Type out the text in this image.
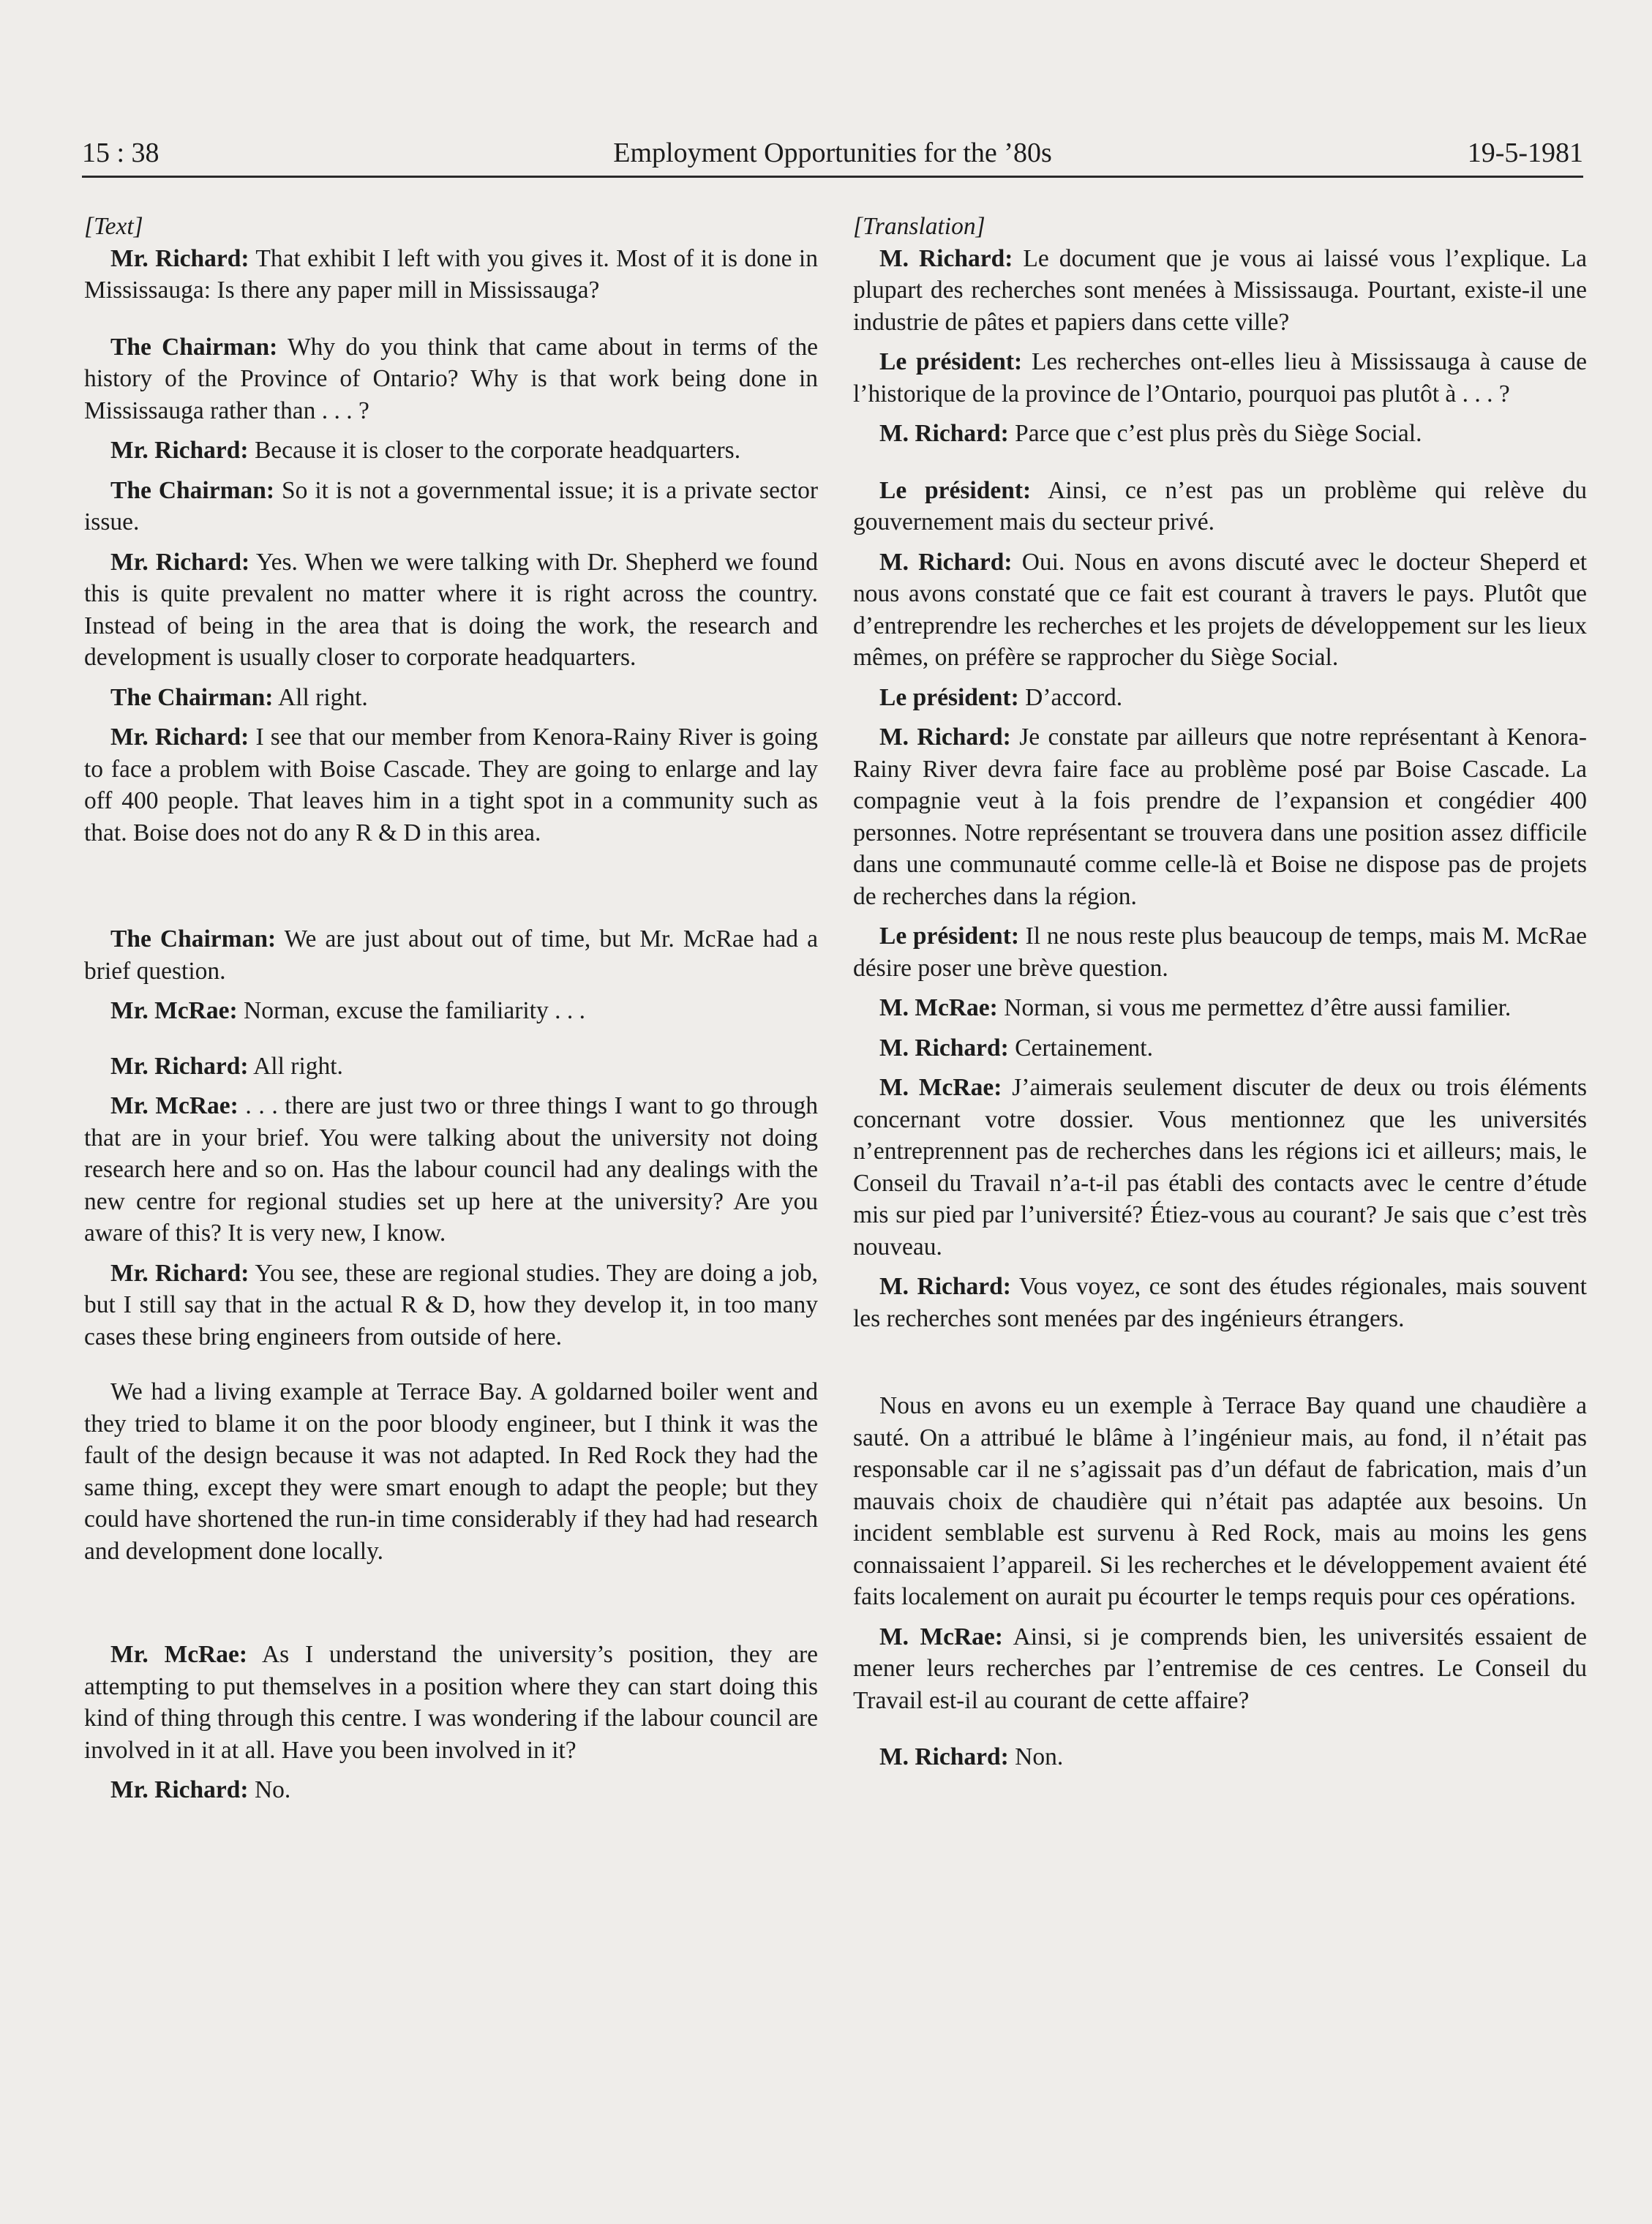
15 : 38	Employment Opportunities for the ’80s	19-5-1981

[Text]

Mr. Richard: That exhibit I left with you gives it. Most of it is done in Mississauga: Is there any paper mill in Mississauga?

The Chairman: Why do you think that came about in terms of the history of the Province of Ontario? Why is that work being done in Mississauga rather than . . . ?

Mr. Richard: Because it is closer to the corporate headquarters.

The Chairman: So it is not a governmental issue; it is a private sector issue.

Mr. Richard: Yes. When we were talking with Dr. Shepherd we found this is quite prevalent no matter where it is right across the country. Instead of being in the area that is doing the work, the research and development is usually closer to corporate headquarters.

The Chairman: All right.

Mr. Richard: I see that our member from Kenora-Rainy River is going to face a problem with Boise Cascade. They are going to enlarge and lay off 400 people. That leaves him in a tight spot in a community such as that. Boise does not do any R & D in this area.

The Chairman: We are just about out of time, but Mr. McRae had a brief question.

Mr. McRae: Norman, excuse the familiarity . . .

Mr. Richard: All right.

Mr. McRae: . . . there are just two or three things I want to go through that are in your brief. You were talking about the university not doing research here and so on. Has the labour council had any dealings with the new centre for regional studies set up here at the university? Are you aware of this? It is very new, I know.

Mr. Richard: You see, these are regional studies. They are doing a job, but I still say that in the actual R & D, how they develop it, in too many cases these bring engineers from outside of here.

We had a living example at Terrace Bay. A goldarned boiler went and they tried to blame it on the poor bloody engineer, but I think it was the fault of the design because it was not adapted. In Red Rock they had the same thing, except they were smart enough to adapt the people; but they could have shortened the run-in time considerably if they had had research and development done locally.

Mr. McRae: As I understand the university’s position, they are attempting to put themselves in a position where they can start doing this kind of thing through this centre. I was wondering if the labour council are involved in it at all. Have you been involved in it?

Mr. Richard: No.

[Translation]

M. Richard: Le document que je vous ai laissé vous l’explique. La plupart des recherches sont menées à Mississauga. Pourtant, existe-il une industrie de pâtes et papiers dans cette ville?

Le président: Les recherches ont-elles lieu à Mississauga à cause de l’historique de la province de l’Ontario, pourquoi pas plutôt à . . . ?

M. Richard: Parce que c’est plus près du Siège Social.

Le président: Ainsi, ce n’est pas un problème qui relève du gouvernement mais du secteur privé.

M. Richard: Oui. Nous en avons discuté avec le docteur Sheperd et nous avons constaté que ce fait est courant à travers le pays. Plutôt que d’entreprendre les recherches et les projets de développement sur les lieux mêmes, on préfère se rapprocher du Siège Social.

Le président: D’accord.

M. Richard: Je constate par ailleurs que notre représentant à Kenora-Rainy River devra faire face au problème posé par Boise Cascade. La compagnie veut à la fois prendre de l’expansion et congédier 400 personnes. Notre représentant se trouvera dans une position assez difficile dans une communauté comme celle-là et Boise ne dispose pas de projets de recherches dans la région.

Le président: Il ne nous reste plus beaucoup de temps, mais M. McRae désire poser une brève question.

M. McRae: Norman, si vous me permettez d’être aussi familier.

M. Richard: Certainement.

M. McRae: J’aimerais seulement discuter de deux ou trois éléments concernant votre dossier. Vous mentionnez que les universités n’entreprennent pas de recherches dans les régions ici et ailleurs; mais, le Conseil du Travail n’a-t-il pas établi des contacts avec le centre d’étude mis sur pied par l’université? Étiez-vous au courant? Je sais que c’est très nouveau.

M. Richard: Vous voyez, ce sont des études régionales, mais souvent les recherches sont menées par des ingénieurs étrangers.

Nous en avons eu un exemple à Terrace Bay quand une chaudière a sauté. On a attribué le blâme à l’ingénieur mais, au fond, il n’était pas responsable car il ne s’agissait pas d’un défaut de fabrication, mais d’un mauvais choix de chaudière qui n’était pas adaptée aux besoins. Un incident semblable est survenu à Red Rock, mais au moins les gens connaissaient l’appareil. Si les recherches et le développement avaient été faits localement on aurait pu écourter le temps requis pour ces opérations.

M. McRae: Ainsi, si je comprends bien, les universités essaient de mener leurs recherches par l’entremise de ces centres. Le Conseil du Travail est-il au courant de cette affaire?

M. Richard: Non.
